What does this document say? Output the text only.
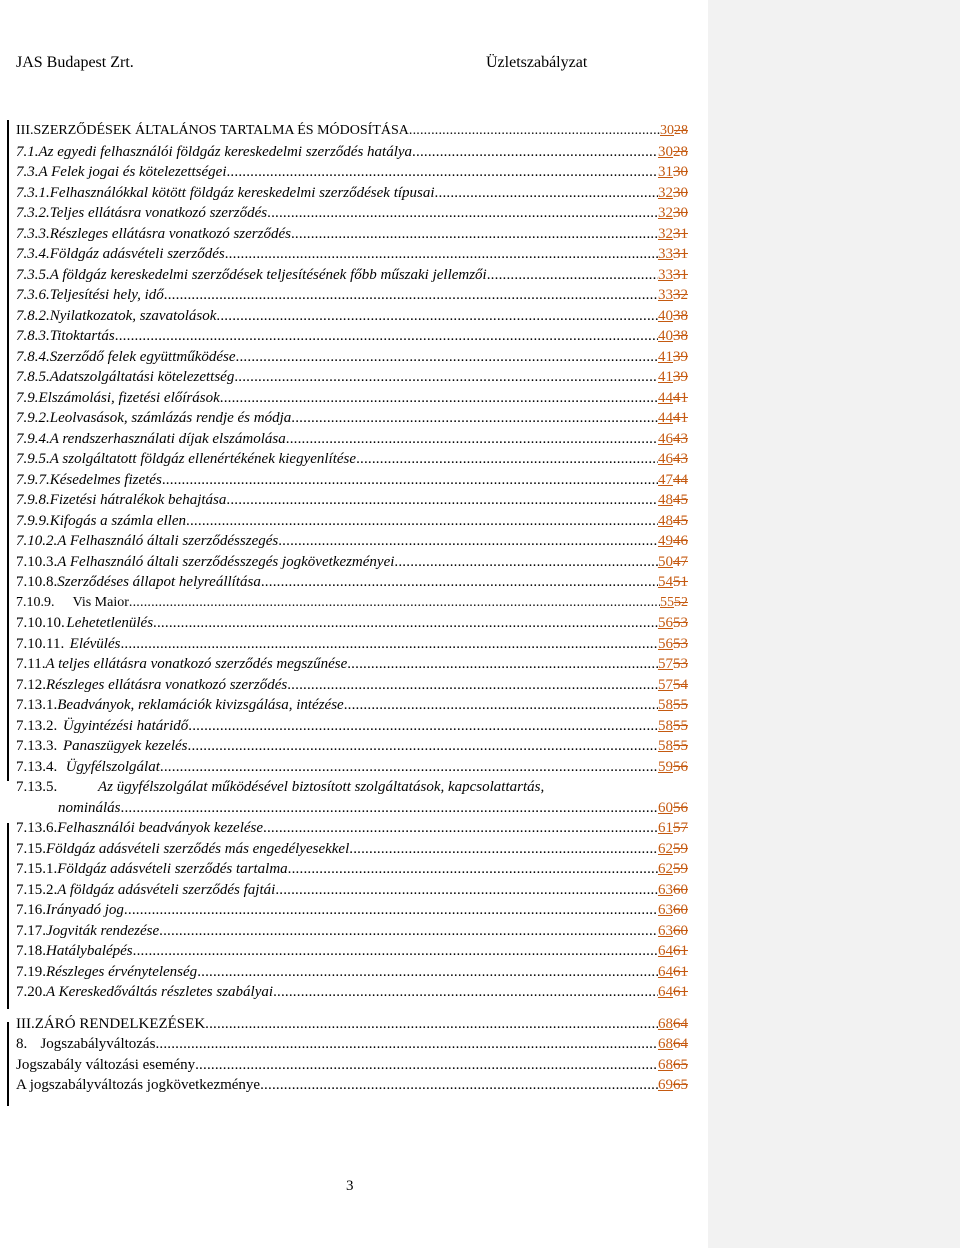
JAS Budapest Zrt.	Üzletszabályzat
III. SZERZŐDÉSEK ÁLTALÁNOS TARTALMA ÉS MÓDOSÍTÁSA .....	3028
7.1. Az egyedi felhasználói földgáz kereskedelmi szerződés hatálya .....	3028
7.3. A Felek jogai és kötelezettségei .....	3130
7.3.1. Felhasználókkal kötött földgáz kereskedelmi szerződések típusai .....	3230
7.3.2. Teljes ellátásra vonatkozó szerződés .....	3230
7.3.3. Részleges ellátásra vonatkozó szerződés .....	3231
7.3.4. Földgáz adásvételi szerződés .....	3331
7.3.5. A földgáz kereskedelmi szerződések teljesítésének főbb műszaki jellemzői .....	3331
7.3.6. Teljesítési hely, idő .....	3332
7.8.2. Nyilatkozatok, szavatolások .....	4038
7.8.3. Titoktartás .....	4038
7.8.4. Szerződő felek együttműködése .....	4139
7.8.5. Adatszolgáltatási kötelezettség .....	4139
7.9. Elszámolási, fizetési előírások .....	4441
7.9.2. Leolvasások, számlázás rendje és módja .....	4441
7.9.4. A rendszerhasználati díjak elszámolása .....	4643
7.9.5. A szolgáltatott földgáz ellenértékének kiegyenlítése .....	4643
7.9.7. Késedelmes fizetés .....	4744
7.9.8. Fizetési hátralékok behajtása .....	4845
7.9.9. Kifogás a számla ellen .....	4845
7.10.2. A Felhasználó általi szerződésszegés .....	4946
7.10.3. A Felhasználó általi szerződésszegés jogkövetkezményei .....	5047
7.10.8. Szerződéses állapot helyreállítása .....	5451
7.10.9.	Vis Maior .....	5552
7.10.10. Lehetetlenülés .....	5653
7.10.11. Elévülés .....	5653
7.11. A teljes ellátásra vonatkozó szerződés megszűnése .....	5753
7.12. Részleges ellátásra vonatkozó szerződés .....	5754
7.13.1. Beadványok, reklamációk kivizsgálása, intézése .....	5855
7.13.2. Ügyintézési határidő .....	5855
7.13.3. Panaszügyek kezelés .....	5855
7.13.4. Ügyfélszolgálat .....	5956
7.13.5.	Az ügyfélszolgálat működésével biztosított szolgáltatások, kapcsolattartás,
nominálás .....	6056
7.13.6. Felhasználói beadványok kezelése .....	6157
7.15. Földgáz adásvételi szerződés más engedélyesekkel .....	6259
7.15.1. Földgáz adásvételi szerződés tartalma .....	6259
7.15.2. A földgáz adásvételi szerződés fajtái .....	6360
7.16. Irányadó jog .....	6360
7.17. Jogviták rendezése .....	6360
7.18. Hatálybalépés .....	6461
7.19. Részleges érvénytelenség .....	6461
7.20. A Kereskedőváltás részletes szabályai .....	6461
III. ZÁRÓ RENDELKEZÉSEK .....	6864
8. Jogszabályváltozás .....	6864
Jogszabály változási esemény .....	6865
A jogszabályváltozás jogkövetkezménye .....	6965
3
